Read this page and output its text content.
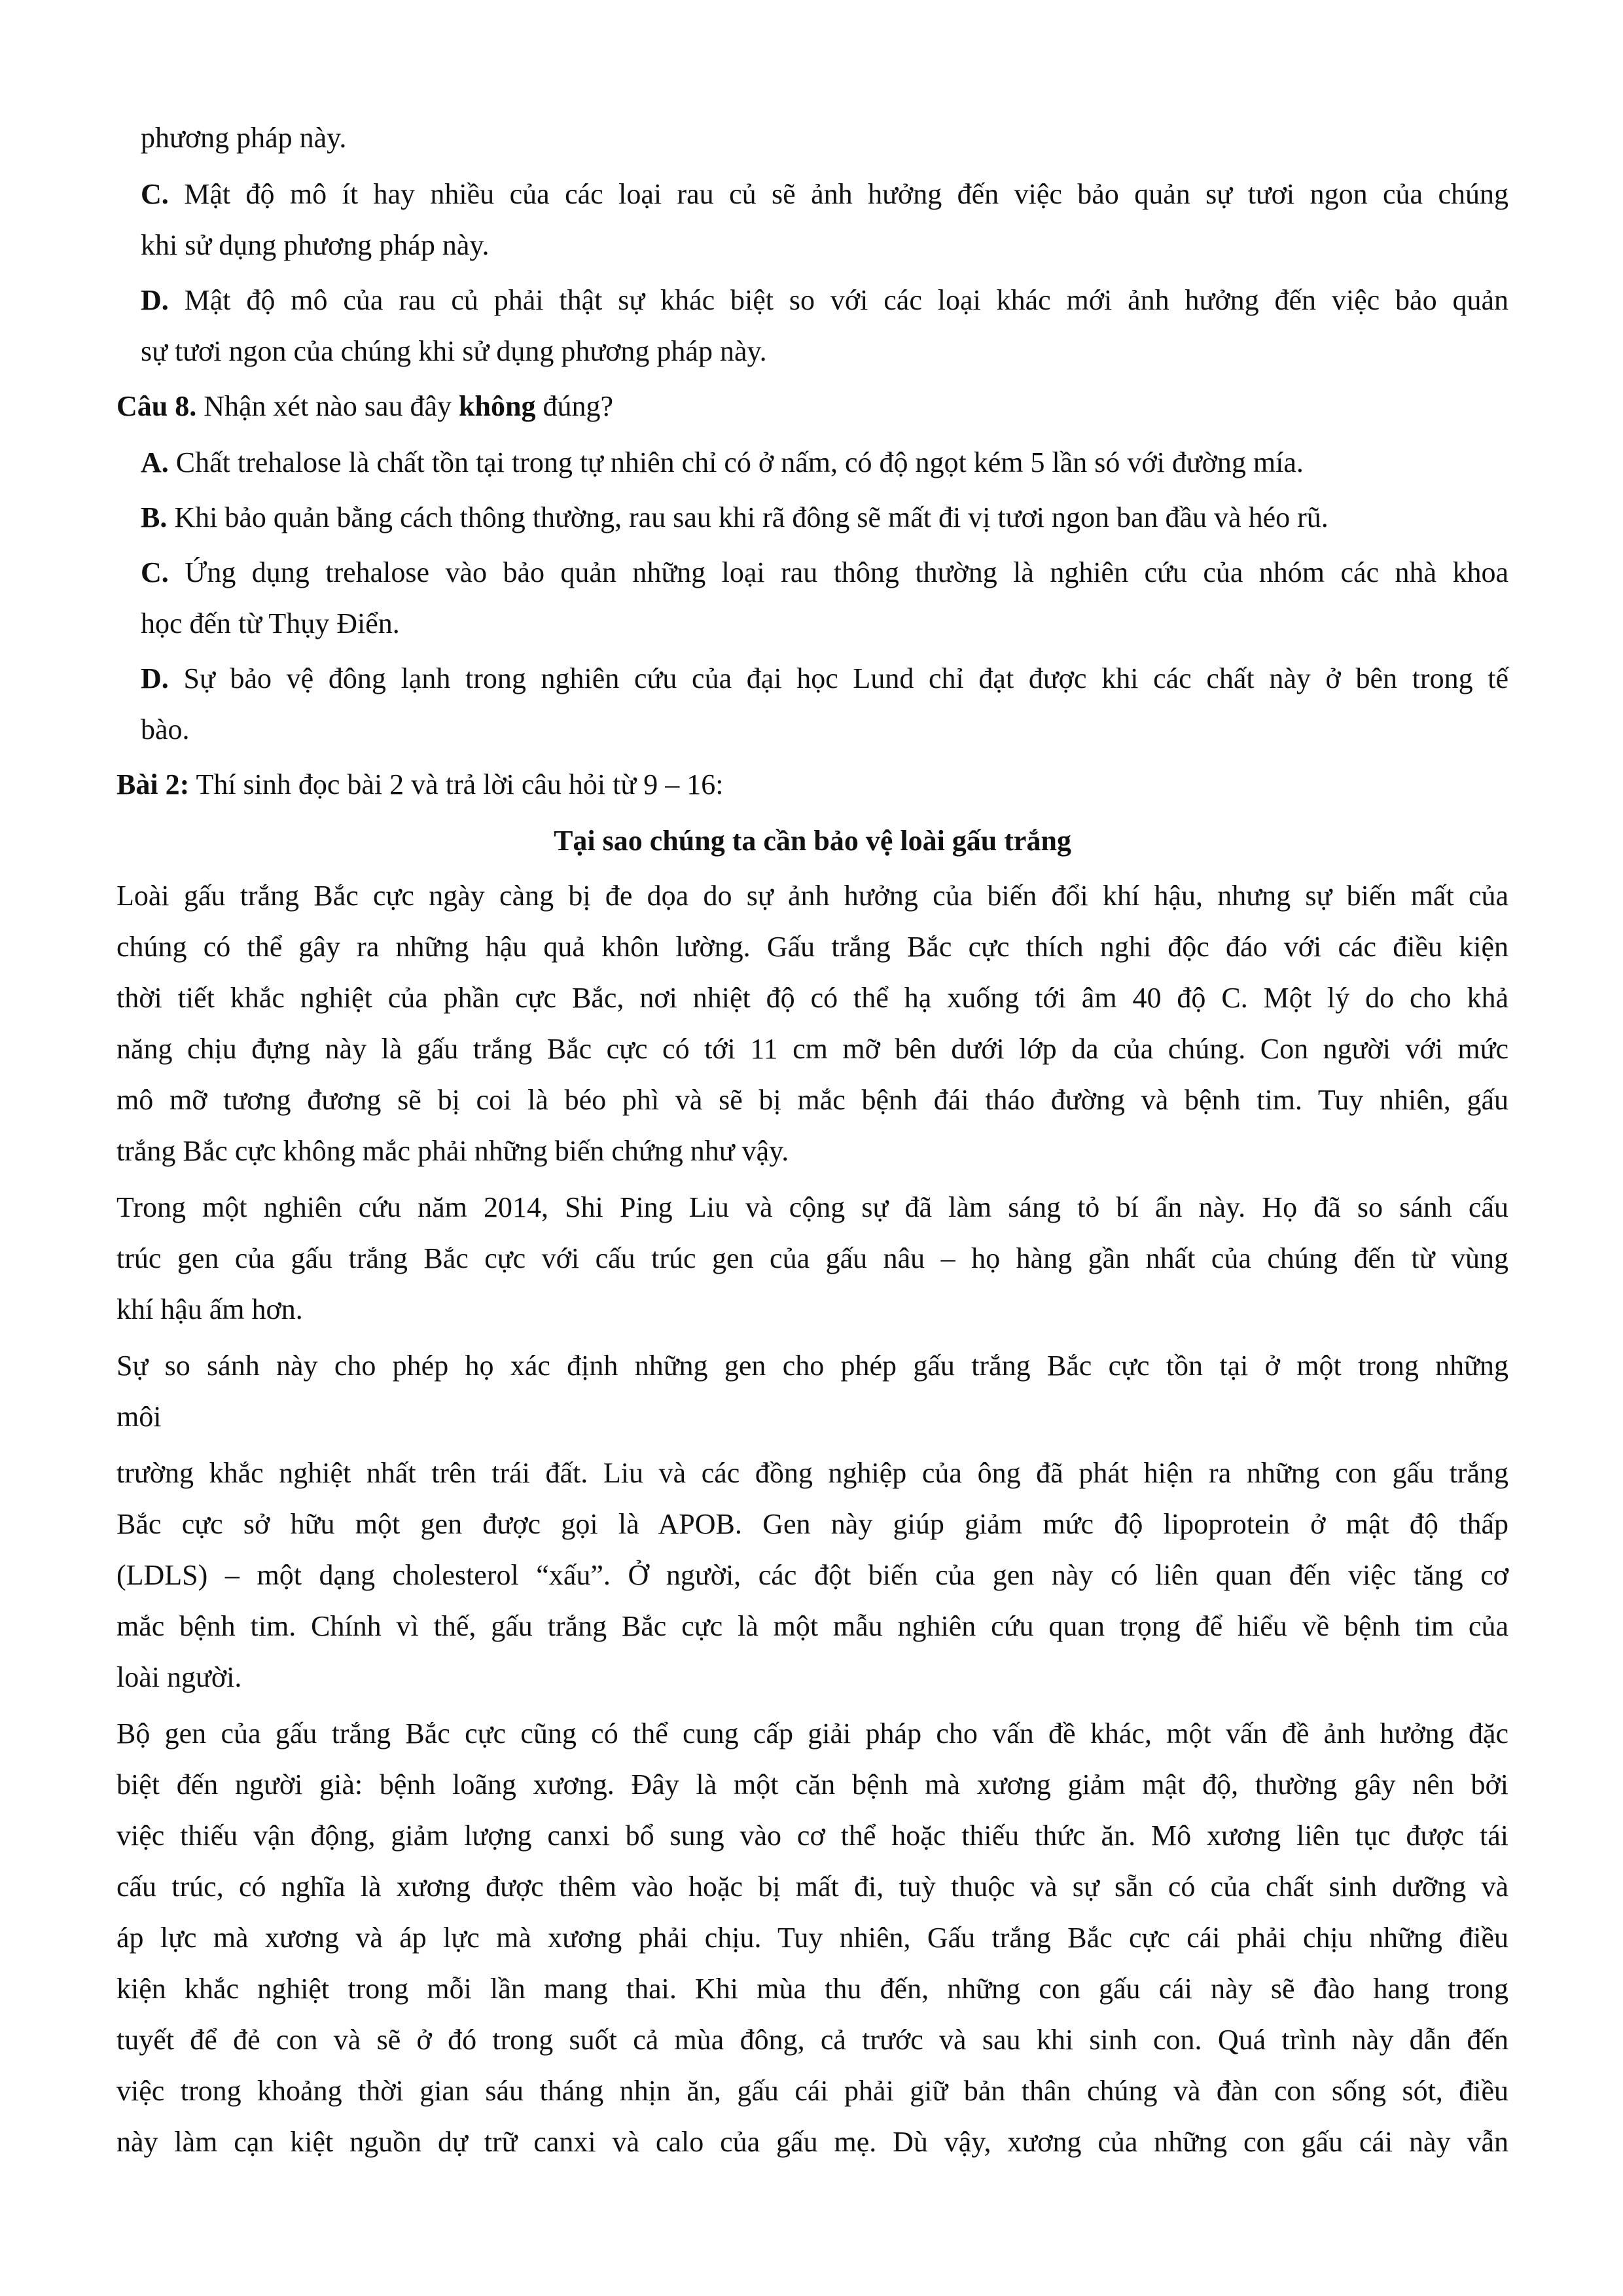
phương pháp này.
C. Mật độ mô ít hay nhiều của các loại rau củ sẽ ảnh hưởng đến việc bảo quản sự tươi ngon của chúng
khi sử dụng phương pháp này.
D. Mật độ mô của rau củ phải thật sự khác biệt so với các loại khác mới ảnh hưởng đến việc bảo quản
sự tươi ngon của chúng khi sử dụng phương pháp này.
Câu 8. Nhận xét nào sau đây không đúng?
A. Chất trehalose là chất tồn tại trong tự nhiên chỉ có ở nấm, có độ ngọt kém 5 lần só với đường mía.
B. Khi bảo quản bằng cách thông thường, rau sau khi rã đông sẽ mất đi vị tươi ngon ban đầu và héo rũ.
C. Ứng dụng trehalose vào bảo quản những loại rau thông thường là nghiên cứu của nhóm các nhà khoa
học đến từ Thụy Điển.
D. Sự bảo vệ đông lạnh trong nghiên cứu của đại học Lund chỉ đạt được khi các chất này ở bên trong tế
bào.
Bài 2: Thí sinh đọc bài 2 và trả lời câu hỏi từ 9 – 16:
Tại sao chúng ta cần bảo vệ loài gấu trắng
Loài gấu trắng Bắc cực ngày càng bị đe dọa do sự ảnh hưởng của biến đổi khí hậu, nhưng sự biến mất của
chúng có thể gây ra những hậu quả khôn lường. Gấu trắng Bắc cực thích nghi độc đáo với các điều kiện
thời tiết khắc nghiệt của phần cực Bắc, nơi nhiệt độ có thể hạ xuống tới âm 40 độ C. Một lý do cho khả
năng chịu đựng này là gấu trắng Bắc cực có tới 11 cm mỡ bên dưới lớp da của chúng. Con người với mức
mô mỡ tương đương sẽ bị coi là béo phì và sẽ bị mắc bệnh đái tháo đường và bệnh tim. Tuy nhiên, gấu
trắng Bắc cực không mắc phải những biến chứng như vậy.
Trong một nghiên cứu năm 2014, Shi Ping Liu và cộng sự đã làm sáng tỏ bí ẩn này. Họ đã so sánh cấu
trúc gen của gấu trắng Bắc cực với cấu trúc gen của gấu nâu – họ hàng gần nhất của chúng đến từ vùng
khí hậu ấm hơn.
Sự so sánh này cho phép họ xác định những gen cho phép gấu trắng Bắc cực tồn tại ở một trong những
môi
trường khắc nghiệt nhất trên trái đất. Liu và các đồng nghiệp của ông đã phát hiện ra những con gấu trắng
Bắc cực sở hữu một gen được gọi là APOB. Gen này giúp giảm mức độ lipoprotein ở mật độ thấp
(LDLS) – một dạng cholesterol “xấu”. Ở người, các đột biến của gen này có liên quan đến việc tăng cơ
mắc bệnh tim. Chính vì thế, gấu trắng Bắc cực là một mẫu nghiên cứu quan trọng để hiểu về bệnh tim của
loài người.
Bộ gen của gấu trắng Bắc cực cũng có thể cung cấp giải pháp cho vấn đề khác, một vấn đề ảnh hưởng đặc
biệt đến người già: bệnh loãng xương. Đây là một căn bệnh mà xương giảm mật độ, thường gây nên bởi
việc thiếu vận động, giảm lượng canxi bổ sung vào cơ thể hoặc thiếu thức ăn. Mô xương liên tục được tái
cấu trúc, có nghĩa là xương được thêm vào hoặc bị mất đi, tuỳ thuộc và sự sẵn có của chất sinh dưỡng và
áp lực mà xương và áp lực mà xương phải chịu. Tuy nhiên, Gấu trắng Bắc cực cái phải chịu những điều
kiện khắc nghiệt trong mỗi lần mang thai. Khi mùa thu đến, những con gấu cái này sẽ đào hang trong
tuyết để đẻ con và sẽ ở đó trong suốt cả mùa đông, cả trước và sau khi sinh con. Quá trình này dẫn đến
việc trong khoảng thời gian sáu tháng nhịn ăn, gấu cái phải giữ bản thân chúng và đàn con sống sót, điều
này làm cạn kiệt nguồn dự trữ canxi và calo của gấu mẹ. Dù vậy, xương của những con gấu cái này vẫn
